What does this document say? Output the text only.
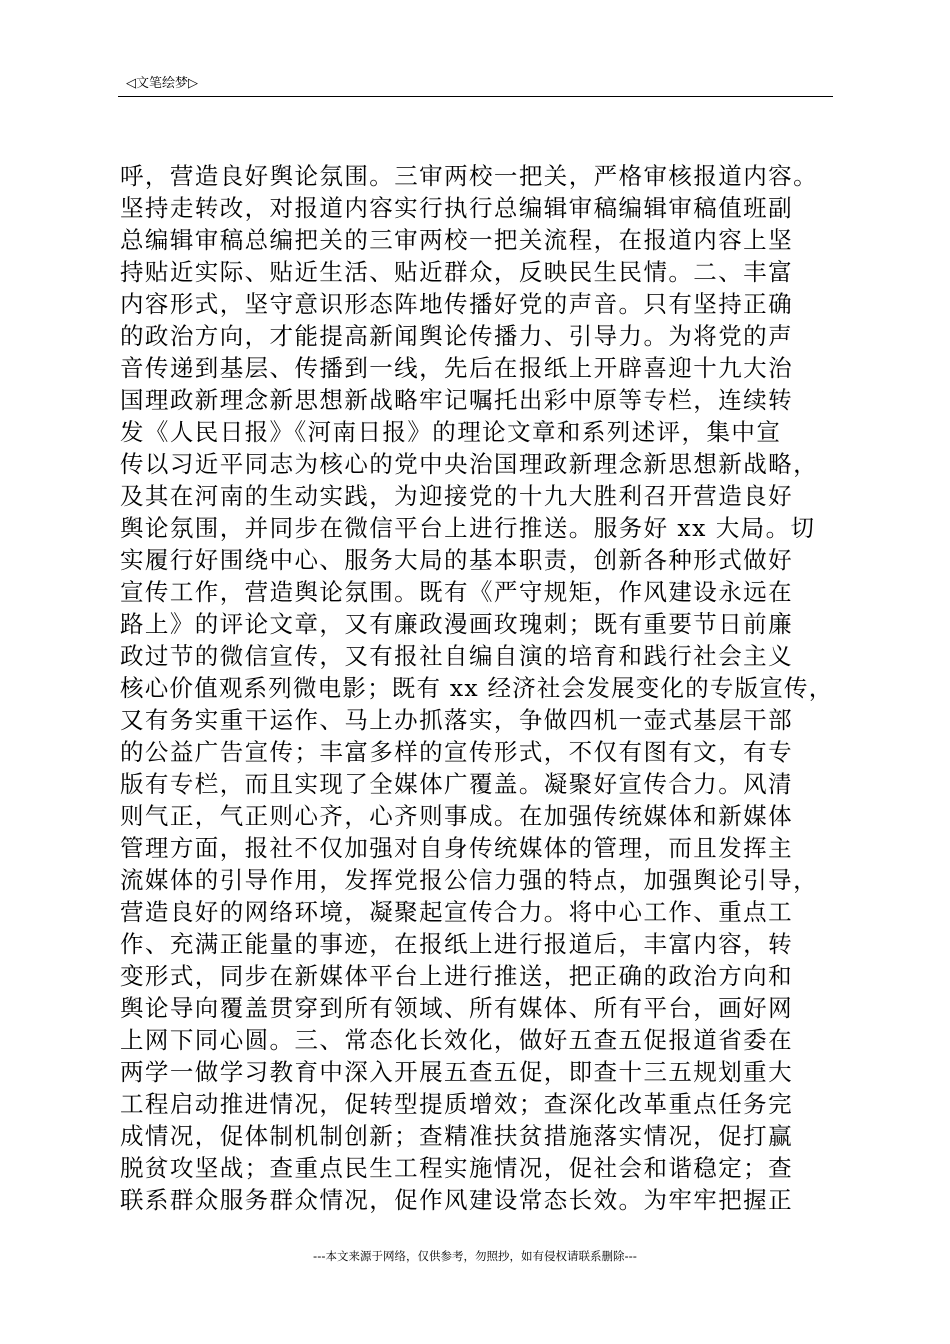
◁文笔绘梦▷
呼，营造良好舆论氛围。三审两校一把关，严格审核报道内容。
坚持走转改，对报道内容实行执行总编辑审稿编辑审稿值班副
总编辑审稿总编把关的三审两校一把关流程，在报道内容上坚
持贴近实际、贴近生活、贴近群众，反映民生民情。二、丰富
内容形式，坚守意识形态阵地传播好党的声音。只有坚持正确
的政治方向，才能提高新闻舆论传播力、引导力。为将党的声
音传递到基层、传播到一线，先后在报纸上开辟喜迎十九大治
国理政新理念新思想新战略牢记嘱托出彩中原等专栏，连续转
发《人民日报》《河南日报》的理论文章和系列述评，集中宣
传以习近平同志为核心的党中央治国理政新理念新思想新战略，
及其在河南的生动实践，为迎接党的十九大胜利召开营造良好
舆论氛围，并同步在微信平台上进行推送。服务好 xx 大局。切
实履行好围绕中心、服务大局的基本职责，创新各种形式做好
宣传工作，营造舆论氛围。既有《严守规矩，作风建设永远在
路上》的评论文章，又有廉政漫画玫瑰刺；既有重要节日前廉
政过节的微信宣传，又有报社自编自演的培育和践行社会主义
核心价值观系列微电影；既有 xx 经济社会发展变化的专版宣传，
又有务实重干运作、马上办抓落实，争做四机一壶式基层干部
的公益广告宣传；丰富多样的宣传形式，不仅有图有文，有专
版有专栏，而且实现了全媒体广覆盖。凝聚好宣传合力。风清
则气正，气正则心齐，心齐则事成。在加强传统媒体和新媒体
管理方面，报社不仅加强对自身传统媒体的管理，而且发挥主
流媒体的引导作用，发挥党报公信力强的特点，加强舆论引导，
营造良好的网络环境，凝聚起宣传合力。将中心工作、重点工
作、充满正能量的事迹，在报纸上进行报道后，丰富内容，转
变形式，同步在新媒体平台上进行推送，把正确的政治方向和
舆论导向覆盖贯穿到所有领域、所有媒体、所有平台，画好网
上网下同心圆。三、常态化长效化，做好五查五促报道省委在
两学一做学习教育中深入开展五查五促，即查十三五规划重大
工程启动推进情况，促转型提质增效；查深化改革重点任务完
成情况，促体制机制创新；查精准扶贫措施落实情况，促打赢
脱贫攻坚战；查重点民生工程实施情况，促社会和谐稳定；查
联系群众服务群众情况，促作风建设常态长效。为牢牢把握正
---本文来源于网络，仅供参考，勿照抄，如有侵权请联系删除---
